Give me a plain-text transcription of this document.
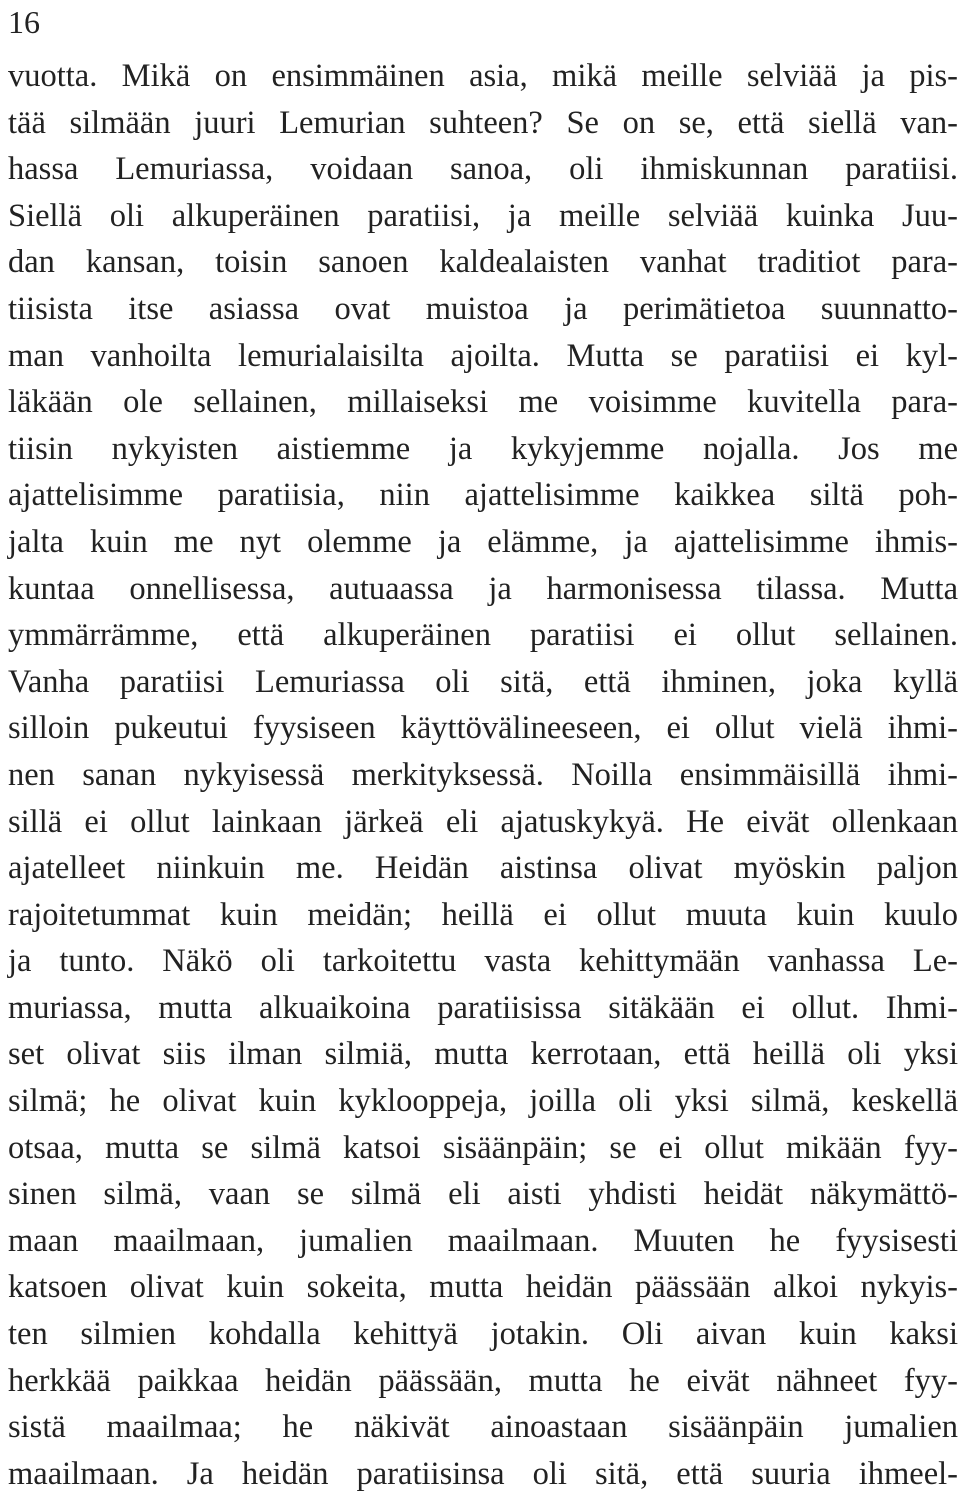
16
vuotta. Mikä on ensimmäinen asia, mikä meille selviää ja pis-
tää silmään juuri Lemurian suhteen? Se on se, että siellä van-
hassa Lemuriassa, voidaan sanoa, oli ihmiskunnan paratiisi.
Siellä oli alkuperäinen paratiisi, ja meille selviää kuinka Juu-
dan kansan, toisin sanoen kaldealaisten vanhat traditiot para-
tiisista itse asiassa ovat muistoa ja perimätietoa suunnatto-
man vanhoilta lemurialaisilta ajoilta. Mutta se paratiisi ei kyl-
läkään ole sellainen, millaiseksi me voisimme kuvitella para-
tiisin nykyisten aistiemme ja kykyjemme nojalla. Jos me
ajattelisimme paratiisia, niin ajattelisimme kaikkea siltä poh-
jalta kuin me nyt olemme ja elämme, ja ajattelisimme ihmis-
kuntaa onnellisessa, autuaassa ja harmonisessa tilassa. Mutta
ymmärrämme, että alkuperäinen paratiisi ei ollut sellainen.
Vanha paratiisi Lemuriassa oli sitä, että ihminen, joka kyllä
silloin pukeutui fyysiseen käyttövälineeseen, ei ollut vielä ihmi-
nen sanan nykyisessä merkityksessä. Noilla ensimmäisillä ihmi-
sillä ei ollut lainkaan järkeä eli ajatuskykyä. He eivät ollenkaan
ajatelleet niinkuin me. Heidän aistinsa olivat myöskin paljon
rajoitetummat kuin meidän; heillä ei ollut muuta kuin kuulo
ja tunto. Näkö oli tarkoitettu vasta kehittymään vanhassa Le-
muriassa, mutta alkuaikoina paratiisissa sitäkään ei ollut. Ihmi-
set olivat siis ilman silmiä, mutta kerrotaan, että heillä oli yksi
silmä; he olivat kuin kyklooppeja, joilla oli yksi silmä, keskellä
otsaa, mutta se silmä katsoi sisäänpäin; se ei ollut mikään fyy-
sinen silmä, vaan se silmä eli aisti yhdisti heidät näkymättö-
maan maailmaan, jumalien maailmaan. Muuten he fyysisesti
katsoen olivat kuin sokeita, mutta heidän päässään alkoi nykyis-
ten silmien kohdalla kehittyä jotakin. Oli aivan kuin kaksi
herkkää paikkaa heidän päässään, mutta he eivät nähneet fyy-
sistä maailmaa; he näkivät ainoastaan sisäänpäin jumalien
maailmaan. Ja heidän paratiisinsa oli sitä, että suuria ihmeel-
